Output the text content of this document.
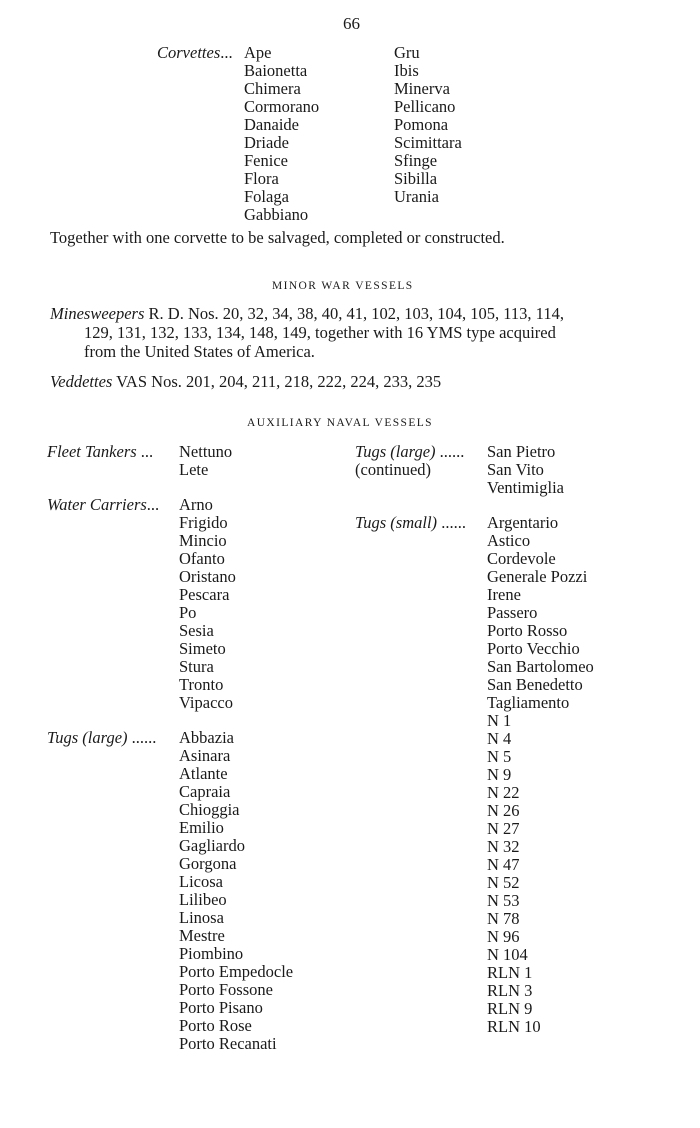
66
Corvettes... Ape
Baionetta
Chimera
Cormorano
Danaide
Driade
Fenice
Flora
Folaga
Gabbiano
Gru
Ibis
Minerva
Pellicano
Pomona
Scimittara
Sfinge
Sibilla
Urania
Together with one corvette to be salvaged, completed or constructed.
MINOR WAR VESSELS
Minesweepers R. D. Nos. 20, 32, 34, 38, 40, 41, 102, 103, 104, 105, 113, 114,
129, 131, 132, 133, 134, 148, 149, together with 16 YMS type acquired
from the United States of America.
Veddettes VAS Nos. 201, 204, 211, 218, 222, 224, 233, 235
AUXILIARY NAVAL VESSELS
Fleet Tankers ... Nettuno
Lete
Water Carriers... Arno
Frigido
Mincio
Ofanto
Oristano
Pescara
Po
Sesia
Simeto
Stura
Tronto
Vipacco
Tugs (large) ...... Abbazia
Asinara
Atlante
Capraia
Chioggia
Emilio
Gagliardo
Gorgona
Licosa
Lilibeo
Linosa
Mestre
Piombino
Porto Empedocle
Porto Fossone
Porto Pisano
Porto Rose
Porto Recanati
Tugs (large) ......
(continued)
San Pietro
San Vito
Ventimiglia
Tugs (small) ...... Argentario
Astico
Cordevole
Generale Pozzi
Irene
Passero
Porto Rosso
Porto Vecchio
San Bartolomeo
San Benedetto
Tagliamento
N 1
N 4
N 5
N 9
N 22
N 26
N 27
N 32
N 47
N 52
N 53
N 78
N 96
N 104
RLN 1
RLN 3
RLN 9
RLN 10
